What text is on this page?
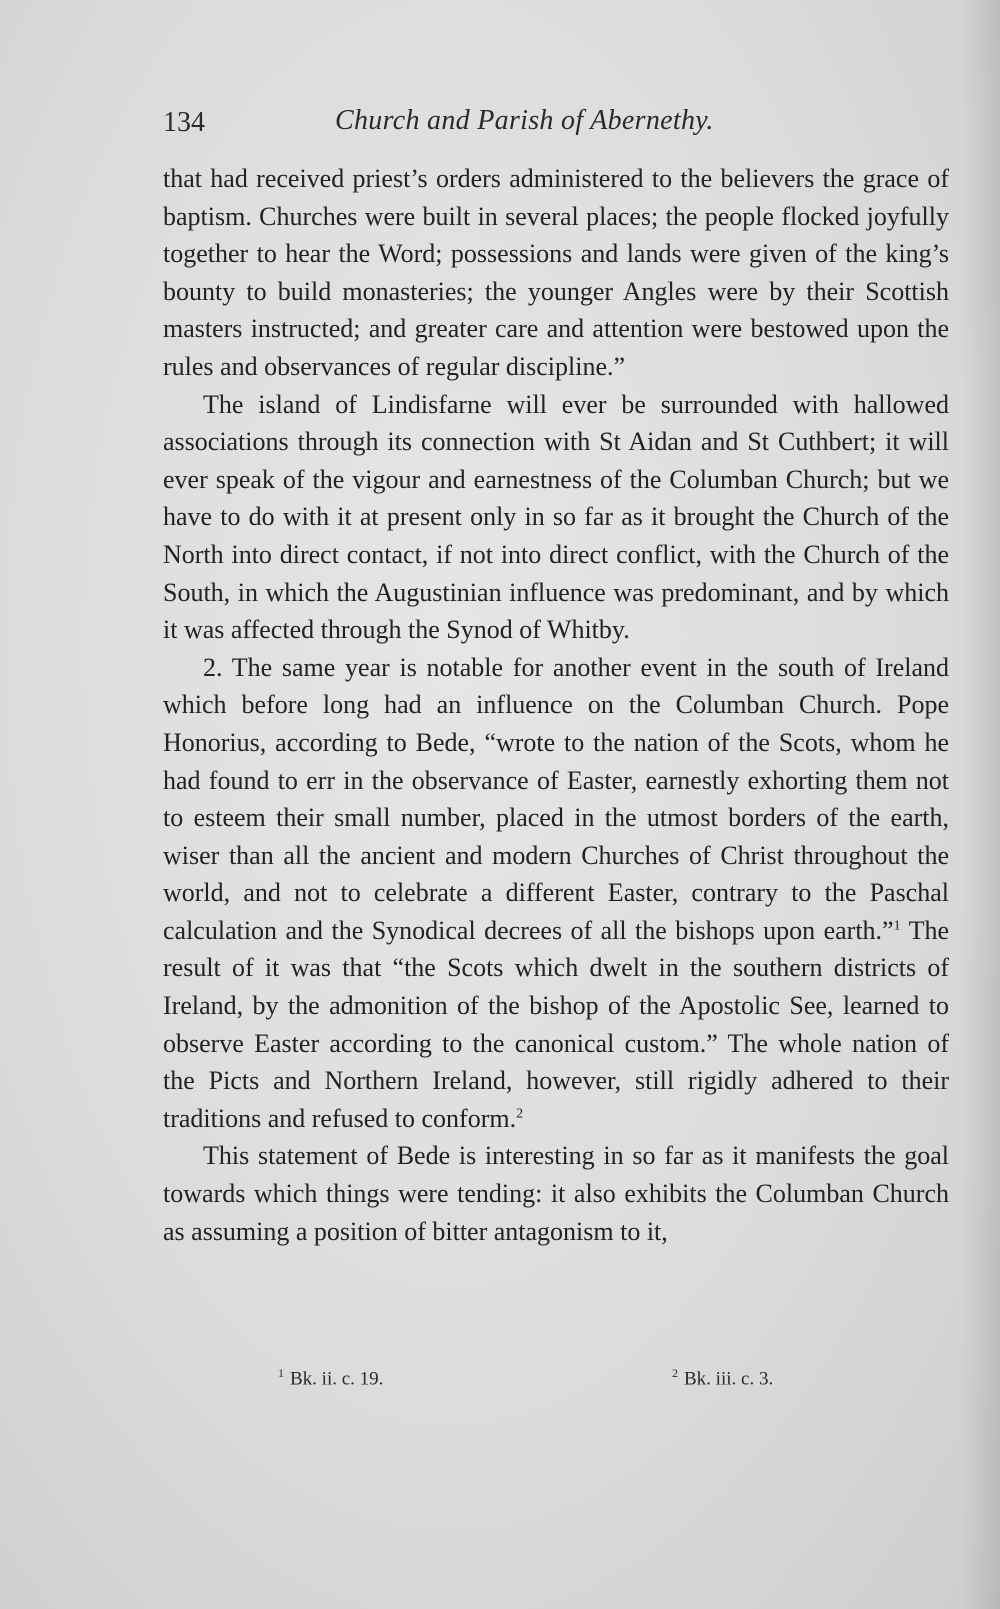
134	Church and Parish of Abernethy.

that had received priest’s orders administered to the believers the grace of baptism. Churches were built in several places; the people flocked joyfully together to hear the Word; possessions and lands were given of the king’s bounty to build monasteries; the younger Angles were by their Scottish masters instructed; and greater care and attention were bestowed upon the rules and observances of regular discipline.”

The island of Lindisfarne will ever be surrounded with hallowed associations through its connection with St Aidan and St Cuthbert; it will ever speak of the vigour and earnestness of the Columban Church; but we have to do with it at present only in so far as it brought the Church of the North into direct contact, if not into direct conflict, with the Church of the South, in which the Augustinian influence was predominant, and by which it was affected through the Synod of Whitby.

2. The same year is notable for another event in the south of Ireland which before long had an influence on the Columban Church. Pope Honorius, according to Bede, “wrote to the nation of the Scots, whom he had found to err in the observance of Easter, earnestly exhorting them not to esteem their small number, placed in the utmost borders of the earth, wiser than all the ancient and modern Churches of Christ throughout the world, and not to celebrate a different Easter, contrary to the Paschal calculation and the Synodical decrees of all the bishops upon earth.”$^1$ The result of it was that “the Scots which dwelt in the southern districts of Ireland, by the admonition of the bishop of the Apostolic See, learned to observe Easter according to the canonical custom.” The whole nation of the Picts and Northern Ireland, however, still rigidly adhered to their traditions and refused to conform.$^2$

This statement of Bede is interesting in so far as it manifests the goal towards which things were tending: it also exhibits the Columban Church as assuming a position of bitter antagonism to it,

$^1$ Bk. ii. c. 19.	$^2$ Bk. iii. c. 3.
